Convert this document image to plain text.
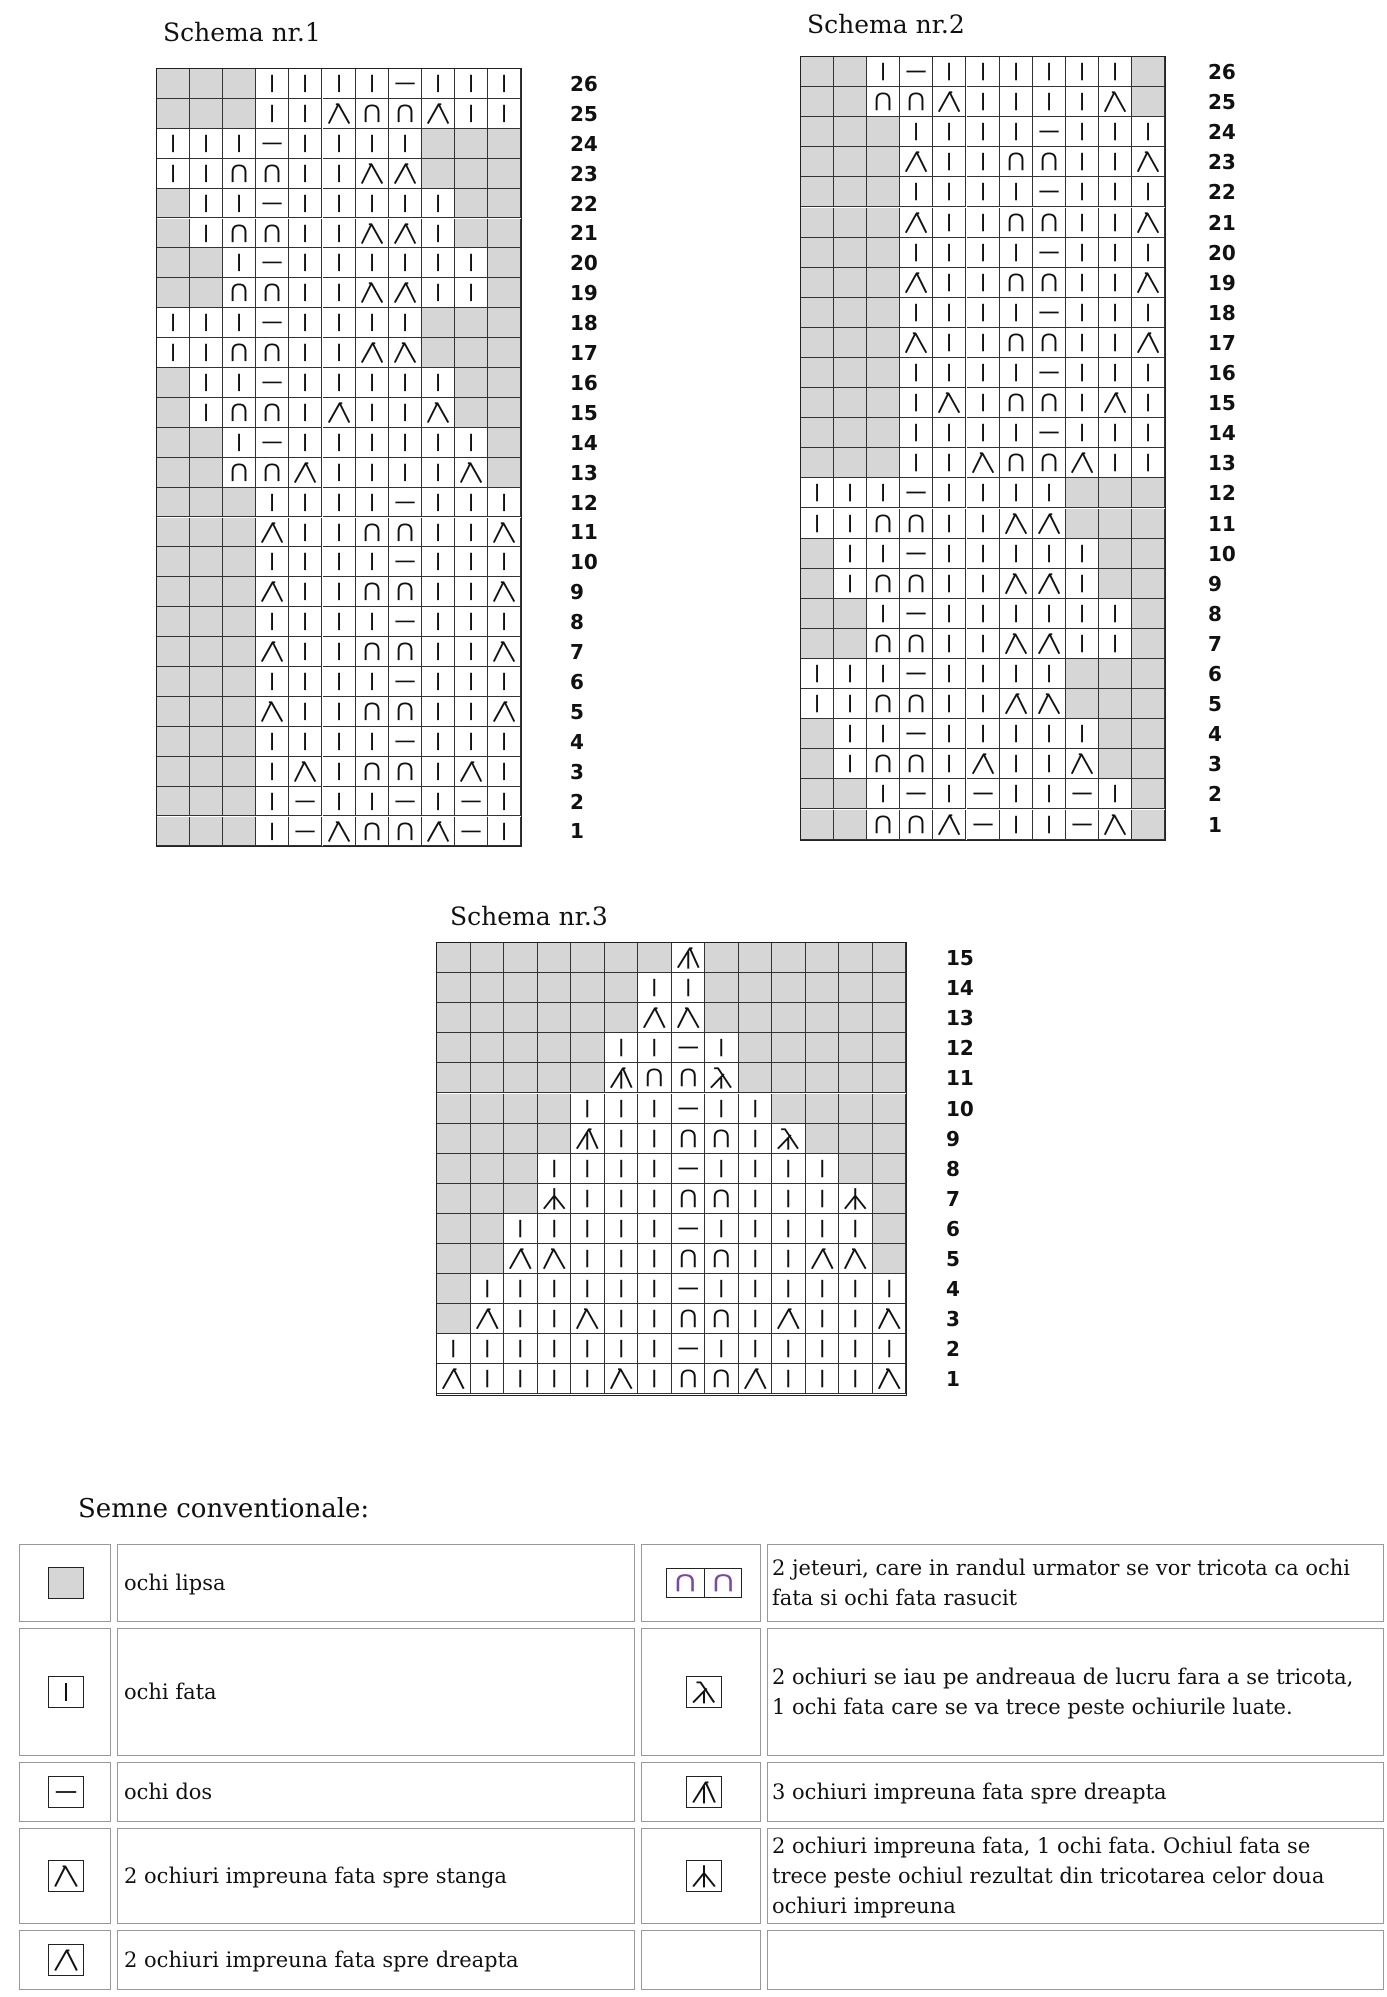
Schema nr.1
26
25
24
23
22
21
20
19
18
17
16
15
14
13
12
11
10
9
8
7
6
5
4
3
2
1
Schema nr.2
26
25
24
23
22
21
20
19
18
17
16
15
14
13
12
11
10
9
8
7
6
5
4
3
2
1
Schema nr.3
15
14
13
12
11
10
9
8
7
6
5
4
3
2
1
Semne conventionale:
ochi lipsa
2 jeteuri, care in randul urmator se vor tricota ca ochi fata si ochi fata rasucit
ochi fata
2 ochiuri se iau pe andreaua de lucru fara a se tricota, 1 ochi fata care se va trece peste ochiurile luate.
ochi dos	3 ochiuri impreuna fata spre dreapta
2 ochiuri impreuna fata spre stanga
2 ochiuri impreuna fata, 1 ochi fata. Ochiul fata se trece peste ochiul rezultat din tricotarea celor doua ochiuri impreuna
2 ochiuri impreuna fata spre dreapta
